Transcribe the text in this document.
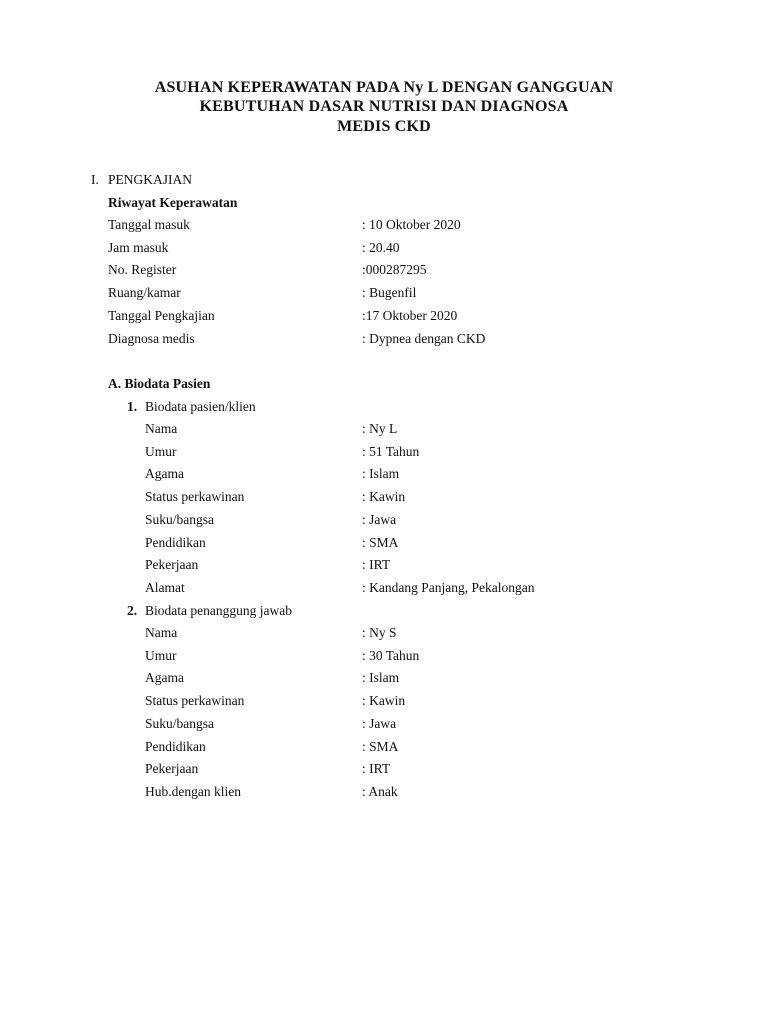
ASUHAN KEPERAWATAN PADA Ny L DENGAN GANGGUAN
KEBUTUHAN DASAR NUTRISI DAN DIAGNOSA
MEDIS CKD
I. PENGKAJIAN
Riwayat Keperawatan
Tanggal masuk	: 10 Oktober 2020
Jam masuk	: 20.40
No. Register	:000287295
Ruang/kamar	: Bugenfil
Tanggal Pengkajian	:17 Oktober 2020
Diagnosa medis	: Dypnea dengan CKD
A. Biodata Pasien
1. Biodata pasien/klien
Nama	: Ny L
Umur	: 51 Tahun
Agama	: Islam
Status perkawinan	: Kawin
Suku/bangsa	: Jawa
Pendidikan	: SMA
Pekerjaan	: IRT
Alamat	: Kandang Panjang, Pekalongan
2. Biodata penanggung jawab
Nama	: Ny S
Umur	: 30 Tahun
Agama	: Islam
Status perkawinan	: Kawin
Suku/bangsa	: Jawa
Pendidikan	: SMA
Pekerjaan	: IRT
Hub.dengan klien	: Anak
